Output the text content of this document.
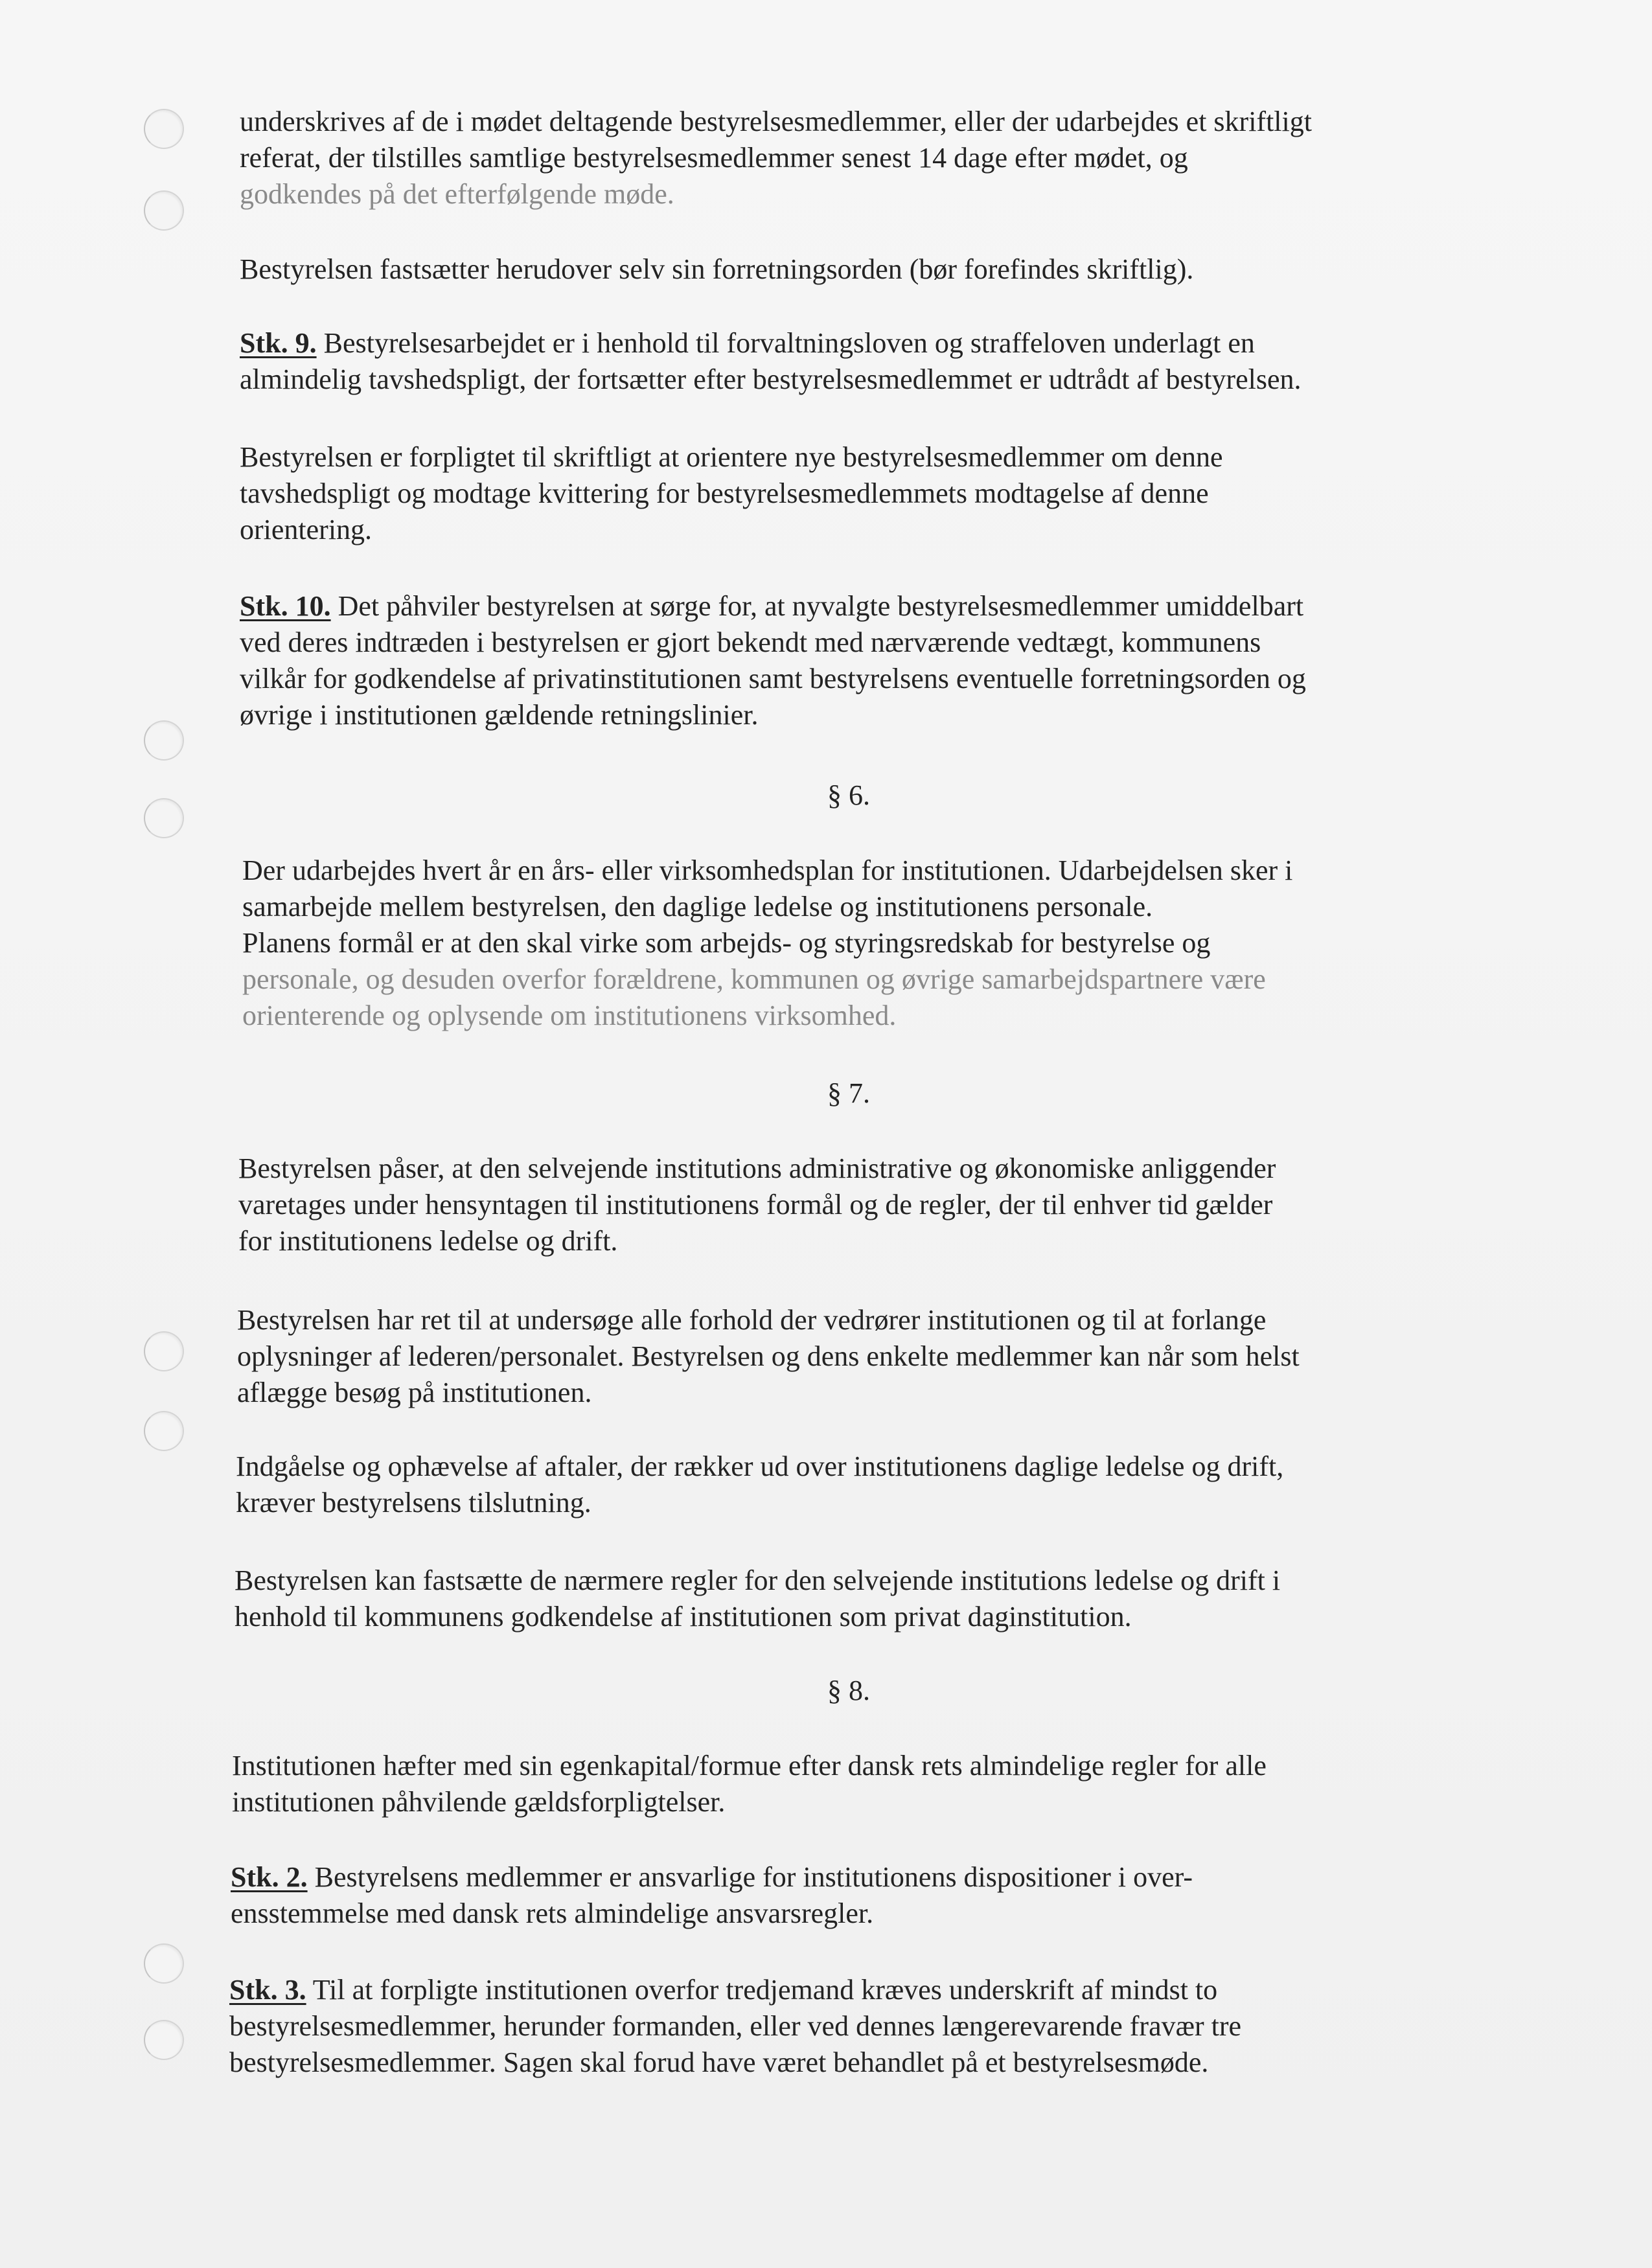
underskrives af de i mødet deltagende bestyrelsesmedlemmer, eller der udarbejdes et skriftligt
referat, der tilstilles samtlige bestyrelsesmedlemmer senest 14 dage efter mødet, og
godkendes på det efterfølgende møde.

Bestyrelsen fastsætter herudover selv sin forretningsorden (bør forefindes skriftlig).

Stk. 9. Bestyrelsesarbejdet er i henhold til forvaltningsloven og straffeloven underlagt en
almindelig tavshedspligt, der fortsætter efter bestyrelsesmedlemmet er udtrådt af bestyrelsen.

Bestyrelsen er forpligtet til skriftligt at orientere nye bestyrelsesmedlemmer om denne
tavshedspligt og modtage kvittering for bestyrelsesmedlemmets modtagelse af denne
orientering.

Stk. 10. Det påhviler bestyrelsen at sørge for, at nyvalgte bestyrelsesmedlemmer umiddelbart
ved deres indtræden i bestyrelsen er gjort bekendt med nærværende vedtægt, kommunens
vilkår for godkendelse af privatinstitutionen samt bestyrelsens eventuelle forretningsorden og
øvrige i institutionen gældende retningslinier.

§ 6.
Der udarbejdes hvert år en års- eller virksomhedsplan for institutionen. Udarbejdelsen sker i
samarbejde mellem bestyrelsen, den daglige ledelse og institutionens personale.
Planens formål er at den skal virke som arbejds- og styringsredskab for bestyrelse og
personale, og desuden overfor forældrene, kommunen og øvrige samarbejdspartnere være
orienterende og oplysende om institutionens virksomhed.
§ 7.

Bestyrelsen påser, at den selvejende institutions administrative og økonomiske anliggender
varetages under hensyntagen til institutionens formål og de regler, der til enhver tid gælder
for institutionens ledelse og drift.

Bestyrelsen har ret til at undersøge alle forhold der vedrører institutionen og til at forlange
oplysninger af lederen/personalet. Bestyrelsen og dens enkelte medlemmer kan når som helst
aflægge besøg på institutionen.

Indgåelse og ophævelse af aftaler, der rækker ud over institutionens daglige ledelse og drift,
kræver bestyrelsens tilslutning.

Bestyrelsen kan fastsætte de nærmere regler for den selvejende institutions ledelse og drift i
henhold til kommunens godkendelse af institutionen som privat daginstitution.

§ 8.

Institutionen hæfter med sin egenkapital/formue efter dansk rets almindelige regler for alle
institutionen påhvilende gældsforpligtelser.

Stk. 2. Bestyrelsens medlemmer er ansvarlige for institutionens dispositioner i over-
ensstemmelse med dansk rets almindelige ansvarsregler.

Stk. 3. Til at forpligte institutionen overfor tredjemand kræves underskrift af mindst to
bestyrelsesmedlemmer, herunder formanden, eller ved dennes længerevarende fravær tre
bestyrelsesmedlemmer. Sagen skal forud have været behandlet på et bestyrelsesmøde.
